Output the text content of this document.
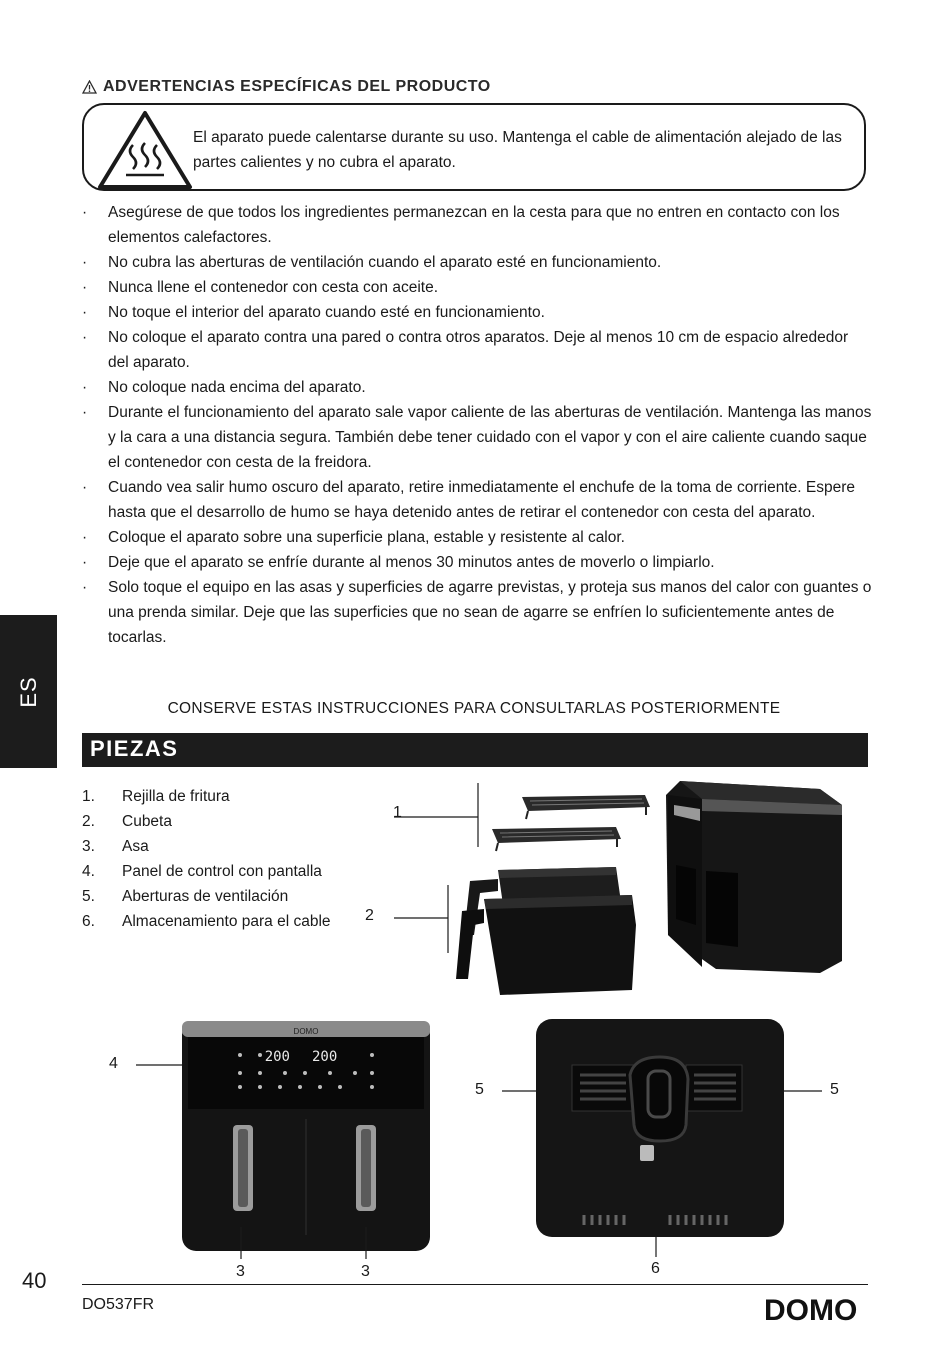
ADVERTENCIAS ESPECÍFICAS DEL PRODUCTO
El aparato puede calentarse durante su uso. Mantenga el cable de alimentación alejado de las partes calientes y no cubra el aparato.
· Asegúrese de que todos los ingredientes permanezcan en la cesta para que no entren en contacto con los elementos calefactores.
· No cubra las aberturas de ventilación cuando el aparato esté en funcionamiento.
· Nunca llene el contenedor con cesta con aceite.
· No toque el interior del aparato cuando esté en funcionamiento.
· No coloque el aparato contra una pared o contra otros aparatos. Deje al menos 10 cm de espacio alrededor del aparato.
· No coloque nada encima del aparato.
· Durante el funcionamiento del aparato sale vapor caliente de las aberturas de ventilación. Mantenga las manos y la cara a una distancia segura. También debe tener cuidado con el vapor y con el aire caliente cuando saque el contenedor con cesta de la freidora.
· Cuando vea salir humo oscuro del aparato, retire inmediatamente el enchufe de la toma de corriente. Espere hasta que el desarrollo de humo se haya detenido antes de retirar el contenedor con cesta del aparato.
· Coloque el aparato sobre una superficie plana, estable y resistente al calor.
· Deje que el aparato se enfríe durante al menos 30 minutos antes de moverlo o limpiarlo.
· Solo toque el equipo en las asas y superficies de agarre previstas, y proteja sus manos del calor con guantes o una prenda similar. Deje que las superficies que no sean de agarre se enfríen lo suficientemente antes de tocarlas.
ES
CONSERVE ESTAS INSTRUCCIONES PARA CONSULTARLAS POSTERIORMENTE
PIEZAS
1.	Rejilla de fritura
2.	Cubeta
3.	Asa
4.	Panel de control con pantalla
5.	Aberturas de ventilación
6.	Almacenamiento para el cable
1
2
DOMO
200 200
4
3	3
5	5
6
40
DO537FR	DOMO
